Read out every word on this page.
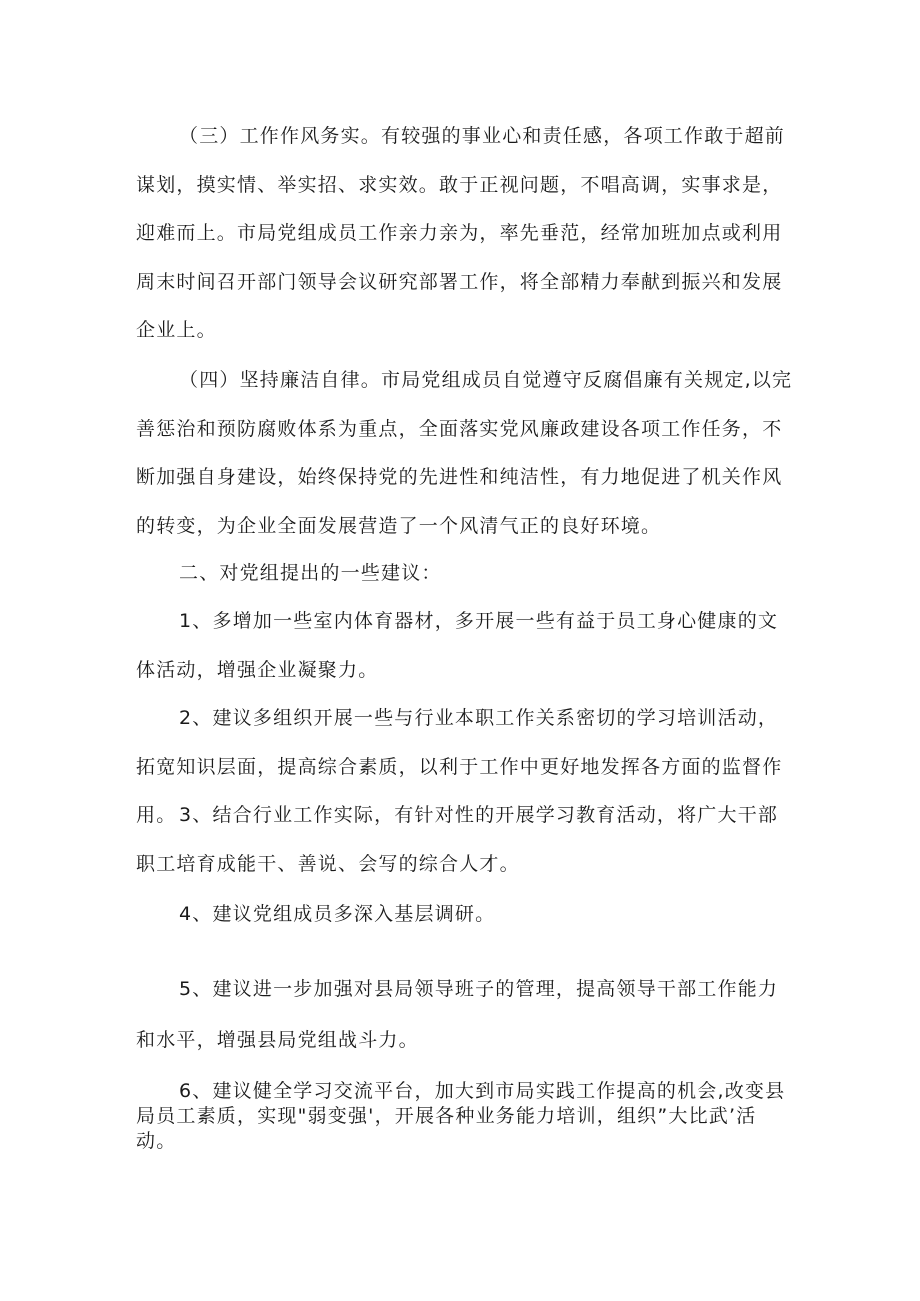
（三）工作作风务实。有较强的事业心和责任感，各项工作敢于超前谋划，摸实情、举实招、求实效。敢于正视问题，不唱高调，实事求是，迎难而上。市局党组成员工作亲力亲为，率先垂范，经常加班加点或利用周末时间召开部门领导会议研究部署工作，将全部精力奉献到振兴和发展企业上。

（四）坚持廉洁自律。市局党组成员自觉遵守反腐倡廉有关规定,以完善惩治和预防腐败体系为重点，全面落实党风廉政建设各项工作任务，不断加强自身建设，始终保持党的先进性和纯洁性，有力地促进了机关作风的转变，为企业全面发展营造了一个风清气正的良好环境。

二、对党组提出的一些建议：

1、多增加一些室内体育器材，多开展一些有益于员工身心健康的文体活动，增强企业凝聚力。

2、建议多组织开展一些与行业本职工作关系密切的学习培训活动，拓宽知识层面，提高综合素质，以利于工作中更好地发挥各方面的监督作用。 3、结合行业工作实际，有针对性的开展学习教育活动，将广大干部职工培育成能干、善说、会写的综合人才。

4、建议党组成员多深入基层调研。

5、建议进一步加强对县局领导班子的管理，提高领导干部工作能力和水平，增强县局党组战斗力。

6、建议健全学习交流平台，加大到市局实践工作提高的机会,改变县局员工素质，实现"弱变强'，开展各种业务能力培训，组织”大比武’活动。
